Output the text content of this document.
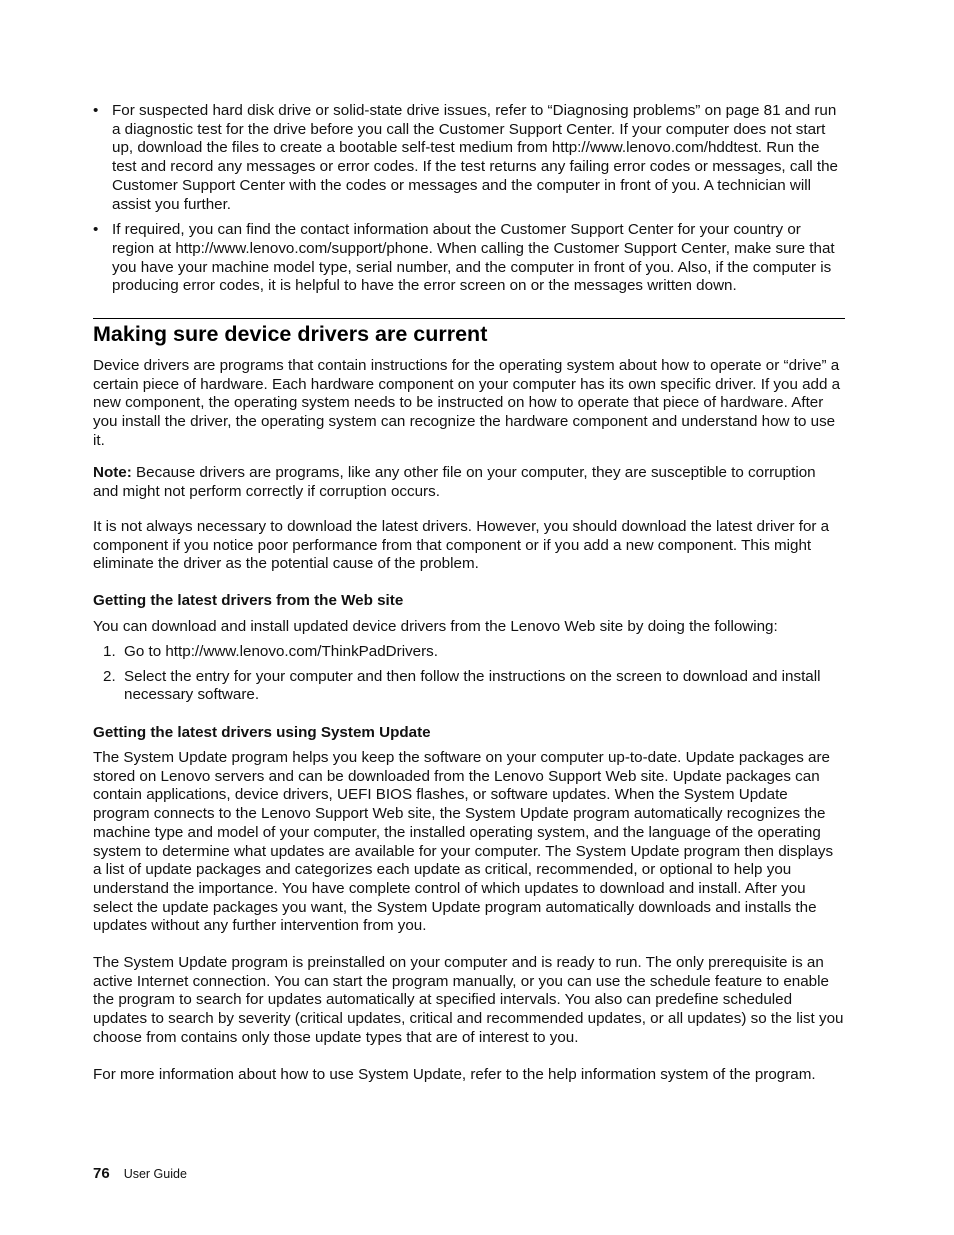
• For suspected hard disk drive or solid-state drive issues, refer to “Diagnosing problems” on page 81 and run a diagnostic test for the drive before you call the Customer Support Center. If your computer does not start up, download the files to create a bootable self-test medium from http://www.lenovo.com/hddtest. Run the test and record any messages or error codes. If the test returns any failing error codes or messages, call the Customer Support Center with the codes or messages and the computer in front of you. A technician will assist you further.
• If required, you can find the contact information about the Customer Support Center for your country or region at http://www.lenovo.com/support/phone. When calling the Customer Support Center, make sure that you have your machine model type, serial number, and the computer in front of you. Also, if the computer is producing error codes, it is helpful to have the error screen on or the messages written down.
Making sure device drivers are current

Device drivers are programs that contain instructions for the operating system about how to operate or “drive” a certain piece of hardware. Each hardware component on your computer has its own specific driver. If you add a new component, the operating system needs to be instructed on how to operate that piece of hardware. After you install the driver, the operating system can recognize the hardware component and understand how to use it.

Note: Because drivers are programs, like any other file on your computer, they are susceptible to corruption and might not perform correctly if corruption occurs.

It is not always necessary to download the latest drivers. However, you should download the latest driver for a component if you notice poor performance from that component or if you add a new component. This might eliminate the driver as the potential cause of the problem.

Getting the latest drivers from the Web site

You can download and install updated device drivers from the Lenovo Web site by doing the following:

1. Go to http://www.lenovo.com/ThinkPadDrivers.
2. Select the entry for your computer and then follow the instructions on the screen to download and install necessary software.
Getting the latest drivers using System Update

The System Update program helps you keep the software on your computer up-to-date. Update packages are stored on Lenovo servers and can be downloaded from the Lenovo Support Web site. Update packages can contain applications, device drivers, UEFI BIOS flashes, or software updates. When the System Update program connects to the Lenovo Support Web site, the System Update program automatically recognizes the machine type and model of your computer, the installed operating system, and the language of the operating system to determine what updates are available for your computer. The System Update program then displays a list of update packages and categorizes each update as critical, recommended, or optional to help you understand the importance. You have complete control of which updates to download and install. After you select the update packages you want, the System Update program automatically downloads and installs the updates without any further intervention from you.

The System Update program is preinstalled on your computer and is ready to run. The only prerequisite is an active Internet connection. You can start the program manually, or you can use the schedule feature to enable the program to search for updates automatically at specified intervals. You also can predefine scheduled updates to search by severity (critical updates, critical and recommended updates, or all updates) so the list you choose from contains only those update types that are of interest to you.

For more information about how to use System Update, refer to the help information system of the program.

76 User Guide
